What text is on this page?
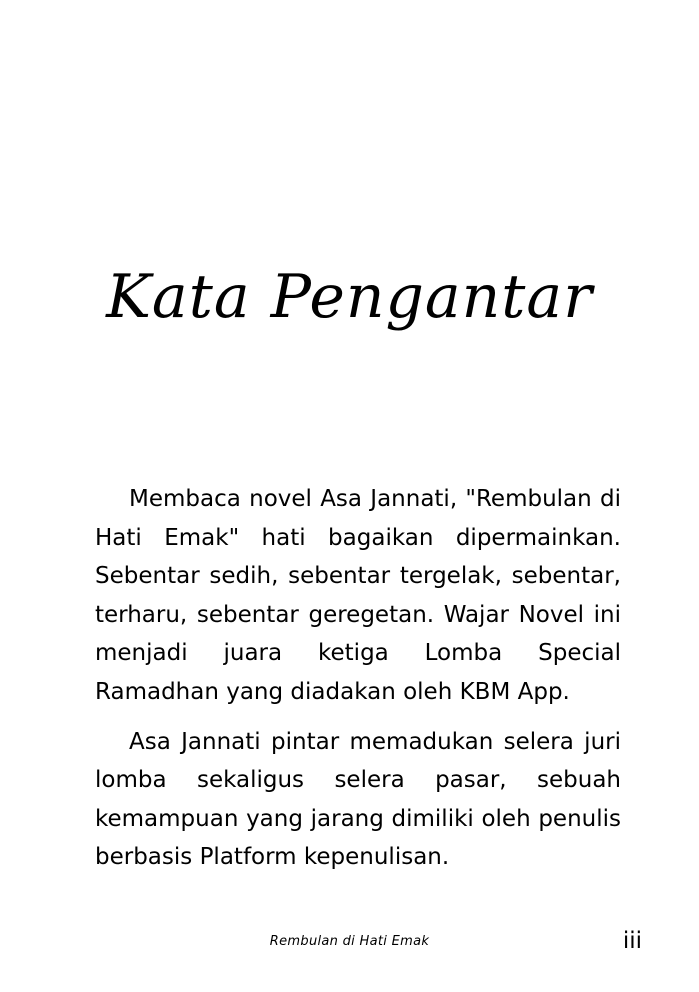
Kata Pengantar

Membaca novel Asa Jannati, "Rembulan di Hati Emak" hati bagaikan dipermainkan. Sebentar sedih, sebentar tergelak, sebentar, terharu, sebentar geregetan. Wajar Novel ini menjadi juara ketiga Lomba Special Ramadhan yang diadakan oleh KBM App.

Asa Jannati pintar memadukan selera juri lomba sekaligus selera pasar, sebuah kemampuan yang jarang dimiliki oleh penulis berbasis Platform kepenulisan.

Rembulan di Hati Emak	iii
